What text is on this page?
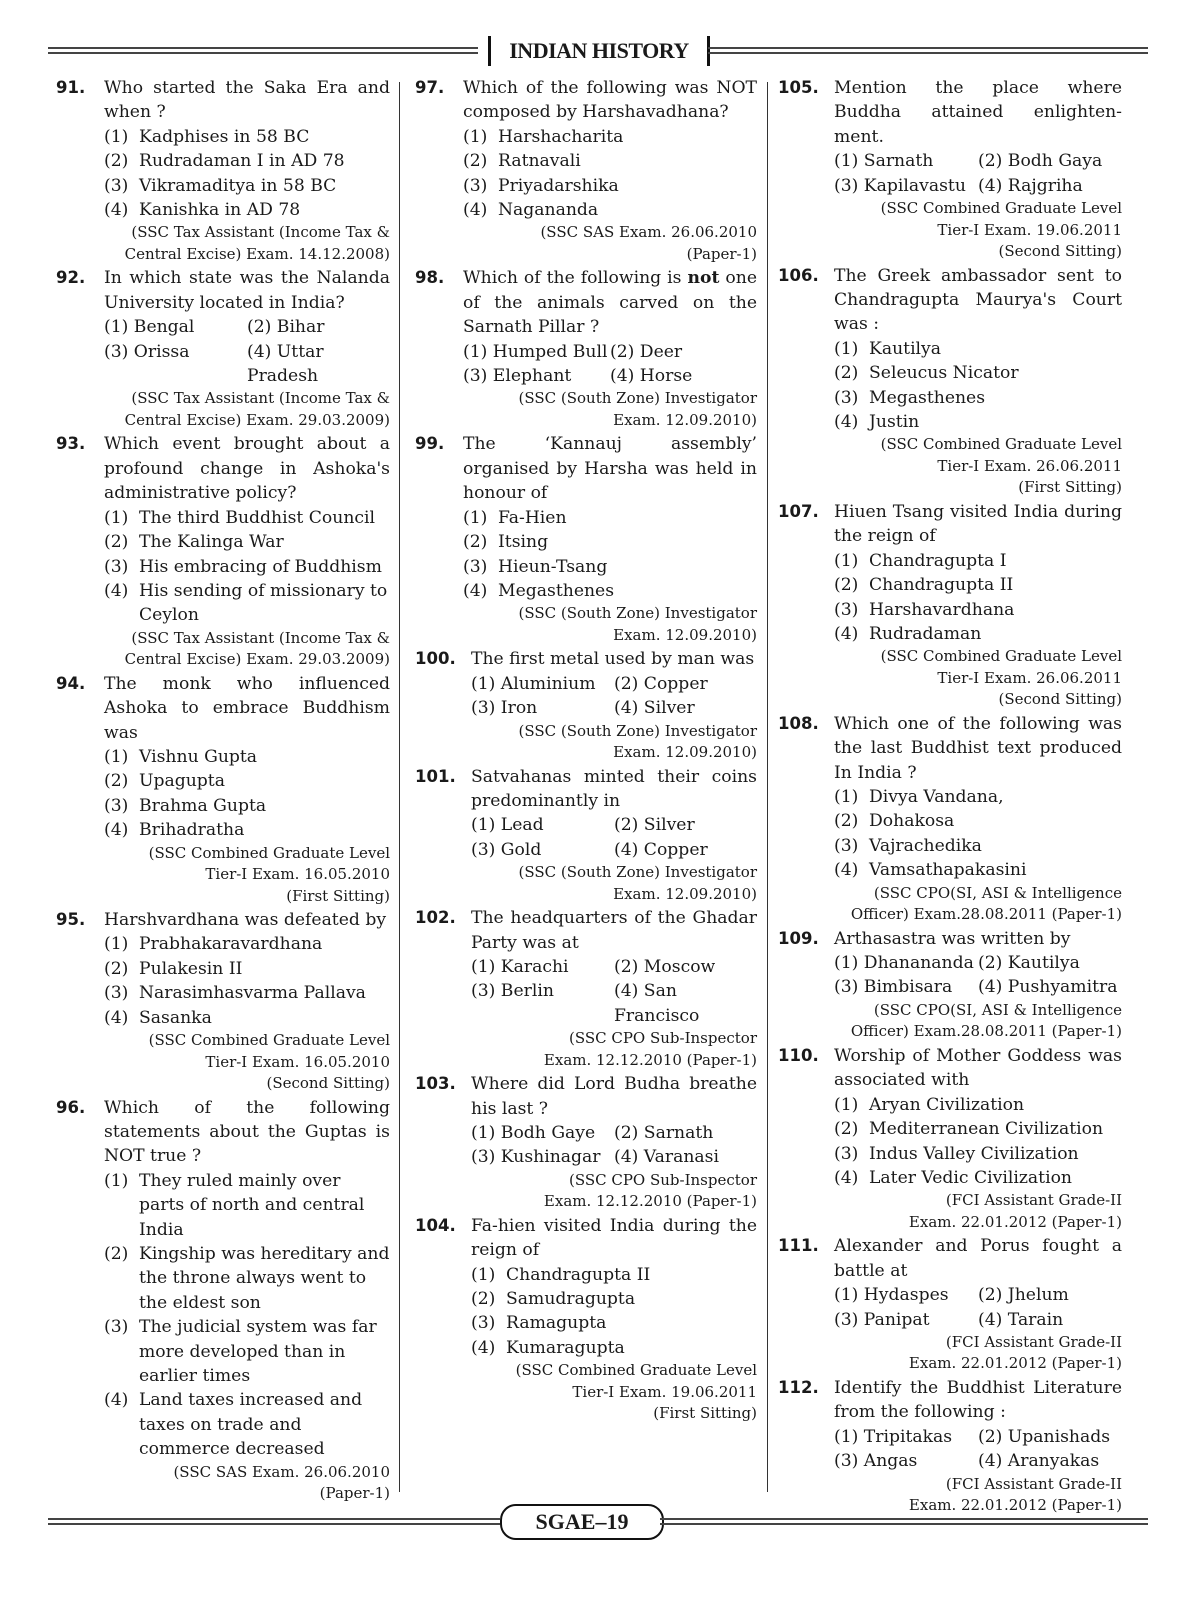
INDIAN HISTORY
91. Who started the Saka Era and when ?
(1) Kadphises in 58 BC
(2) Rudradaman I in AD 78
(3) Vikramaditya in 58 BC
(4) Kanishka in AD 78
(SSC Tax Assistant (Income Tax &
Central Excise) Exam. 14.12.2008)
92. In which state was the Nalanda University located in India?
(1) Bengal	(2) Bihar
(3) Orissa	(4) Uttar Pradesh
(SSC Tax Assistant (Income Tax &
Central Excise) Exam. 29.03.2009)
93. Which event brought about a profound change in Ashoka's administrative policy?
(1) The third Buddhist Council
(2) The Kalinga War
(3) His embracing of Buddhism
(4) His sending of missionary to Ceylon
(SSC Tax Assistant (Income Tax &
Central Excise) Exam. 29.03.2009)
94. The monk who influenced Ashoka to embrace Buddhism was
(1) Vishnu Gupta
(2) Upagupta
(3) Brahma Gupta
(4) Brihadratha
(SSC Combined Graduate Level
Tier-I Exam. 16.05.2010
(First Sitting)
95. Harshvardhana was defeated by
(1) Prabhakaravardhana
(2) Pulakesin II
(3) Narasimhasvarma Pallava
(4) Sasanka
(SSC Combined Graduate Level
Tier-I Exam. 16.05.2010
(Second Sitting)
96. Which of the following statements about the Guptas is NOT true ?
(1) They ruled mainly over parts of north and central India
(2) Kingship was hereditary and the throne always went to the eldest son
(3) The judicial system was far more developed than in earlier times
(4) Land taxes increased and taxes on trade and commerce decreased
(SSC SAS Exam. 26.06.2010
(Paper-1)
97. Which of the following was NOT composed by Harshavadhana?
(1) Harshacharita
(2) Ratnavali
(3) Priyadarshika
(4) Nagananda
(SSC SAS Exam. 26.06.2010
(Paper-1)
98. Which of the following is not one of the animals carved on the Sarnath Pillar ?
(1) Humped Bull (2) Deer
(3) Elephant	(4) Horse
(SSC (South Zone) Investigator
Exam. 12.09.2010)
99. The ‘Kannauj assembly’ organised by Harsha was held in honour of
(1) Fa-Hien
(2) Itsing
(3) Hieun-Tsang
(4) Megasthenes
(SSC (South Zone) Investigator
Exam. 12.09.2010)
100. The first metal used by man was
(1) Aluminium	(2) Copper
(3) Iron	(4) Silver
(SSC (South Zone) Investigator
Exam. 12.09.2010)
101. Satvahanas minted their coins predominantly in
(1) Lead	(2) Silver
(3) Gold	(4) Copper
(SSC (South Zone) Investigator
Exam. 12.09.2010)
102. The headquarters of the Ghadar Party was at
(1) Karachi	(2) Moscow
(3) Berlin	(4) San Francisco
(SSC CPO Sub-Inspector
Exam. 12.12.2010 (Paper-1)
103. Where did Lord Budha breathe his last ?
(1) Bodh Gaye	(2) Sarnath
(3) Kushinagar (4) Varanasi
(SSC CPO Sub-Inspector
Exam. 12.12.2010 (Paper-1)
104. Fa-hien visited India during the reign of
(1) Chandragupta II
(2) Samudragupta
(3) Ramagupta
(4) Kumaragupta
(SSC Combined Graduate Level
Tier-I Exam. 19.06.2011
(First Sitting)
105. Mention the place where Buddha attained enlighten-ment.
(1) Sarnath	(2) Bodh Gaya
(3) Kapilavastu (4) Rajgriha
(SSC Combined Graduate Level
Tier-I Exam. 19.06.2011
(Second Sitting)
106. The Greek ambassador sent to Chandragupta Maurya's Court was :
(1) Kautilya
(2) Seleucus Nicator
(3) Megasthenes
(4) Justin
(SSC Combined Graduate Level
Tier-I Exam. 26.06.2011
(First Sitting)
107. Hiuen Tsang visited India during the reign of
(1) Chandragupta I
(2) Chandragupta II
(3) Harshavardhana
(4) Rudradaman
(SSC Combined Graduate Level
Tier-I Exam. 26.06.2011
(Second Sitting)
108. Which one of the following was the last Buddhist text produced In India ?
(1) Divya Vandana,
(2) Dohakosa
(3) Vajrachedika
(4) Vamsathapakasini
(SSC CPO(SI, ASI & Intelligence
Officer) Exam.28.08.2011 (Paper-1)
109. Arthasastra was written by
(1) Dhanananda (2) Kautilya
(3) Bimbisara	(4) Pushyamitra
(SSC CPO(SI, ASI & Intelligence
Officer) Exam.28.08.2011 (Paper-1)
110. Worship of Mother Goddess was associated with
(1) Aryan Civilization
(2) Mediterranean Civilization
(3) Indus Valley Civilization
(4) Later Vedic Civilization
(FCI Assistant Grade-II
Exam. 22.01.2012 (Paper-1)
111. Alexander and Porus fought a battle at
(1) Hydaspes	(2) Jhelum
(3) Panipat	(4) Tarain
(FCI Assistant Grade-II
Exam. 22.01.2012 (Paper-1)
112. Identify the Buddhist Literature from the following :
(1) Tripitakas	(2) Upanishads
(3) Angas	(4) Aranyakas
(FCI Assistant Grade-II
Exam. 22.01.2012 (Paper-1)
SGAE–19
